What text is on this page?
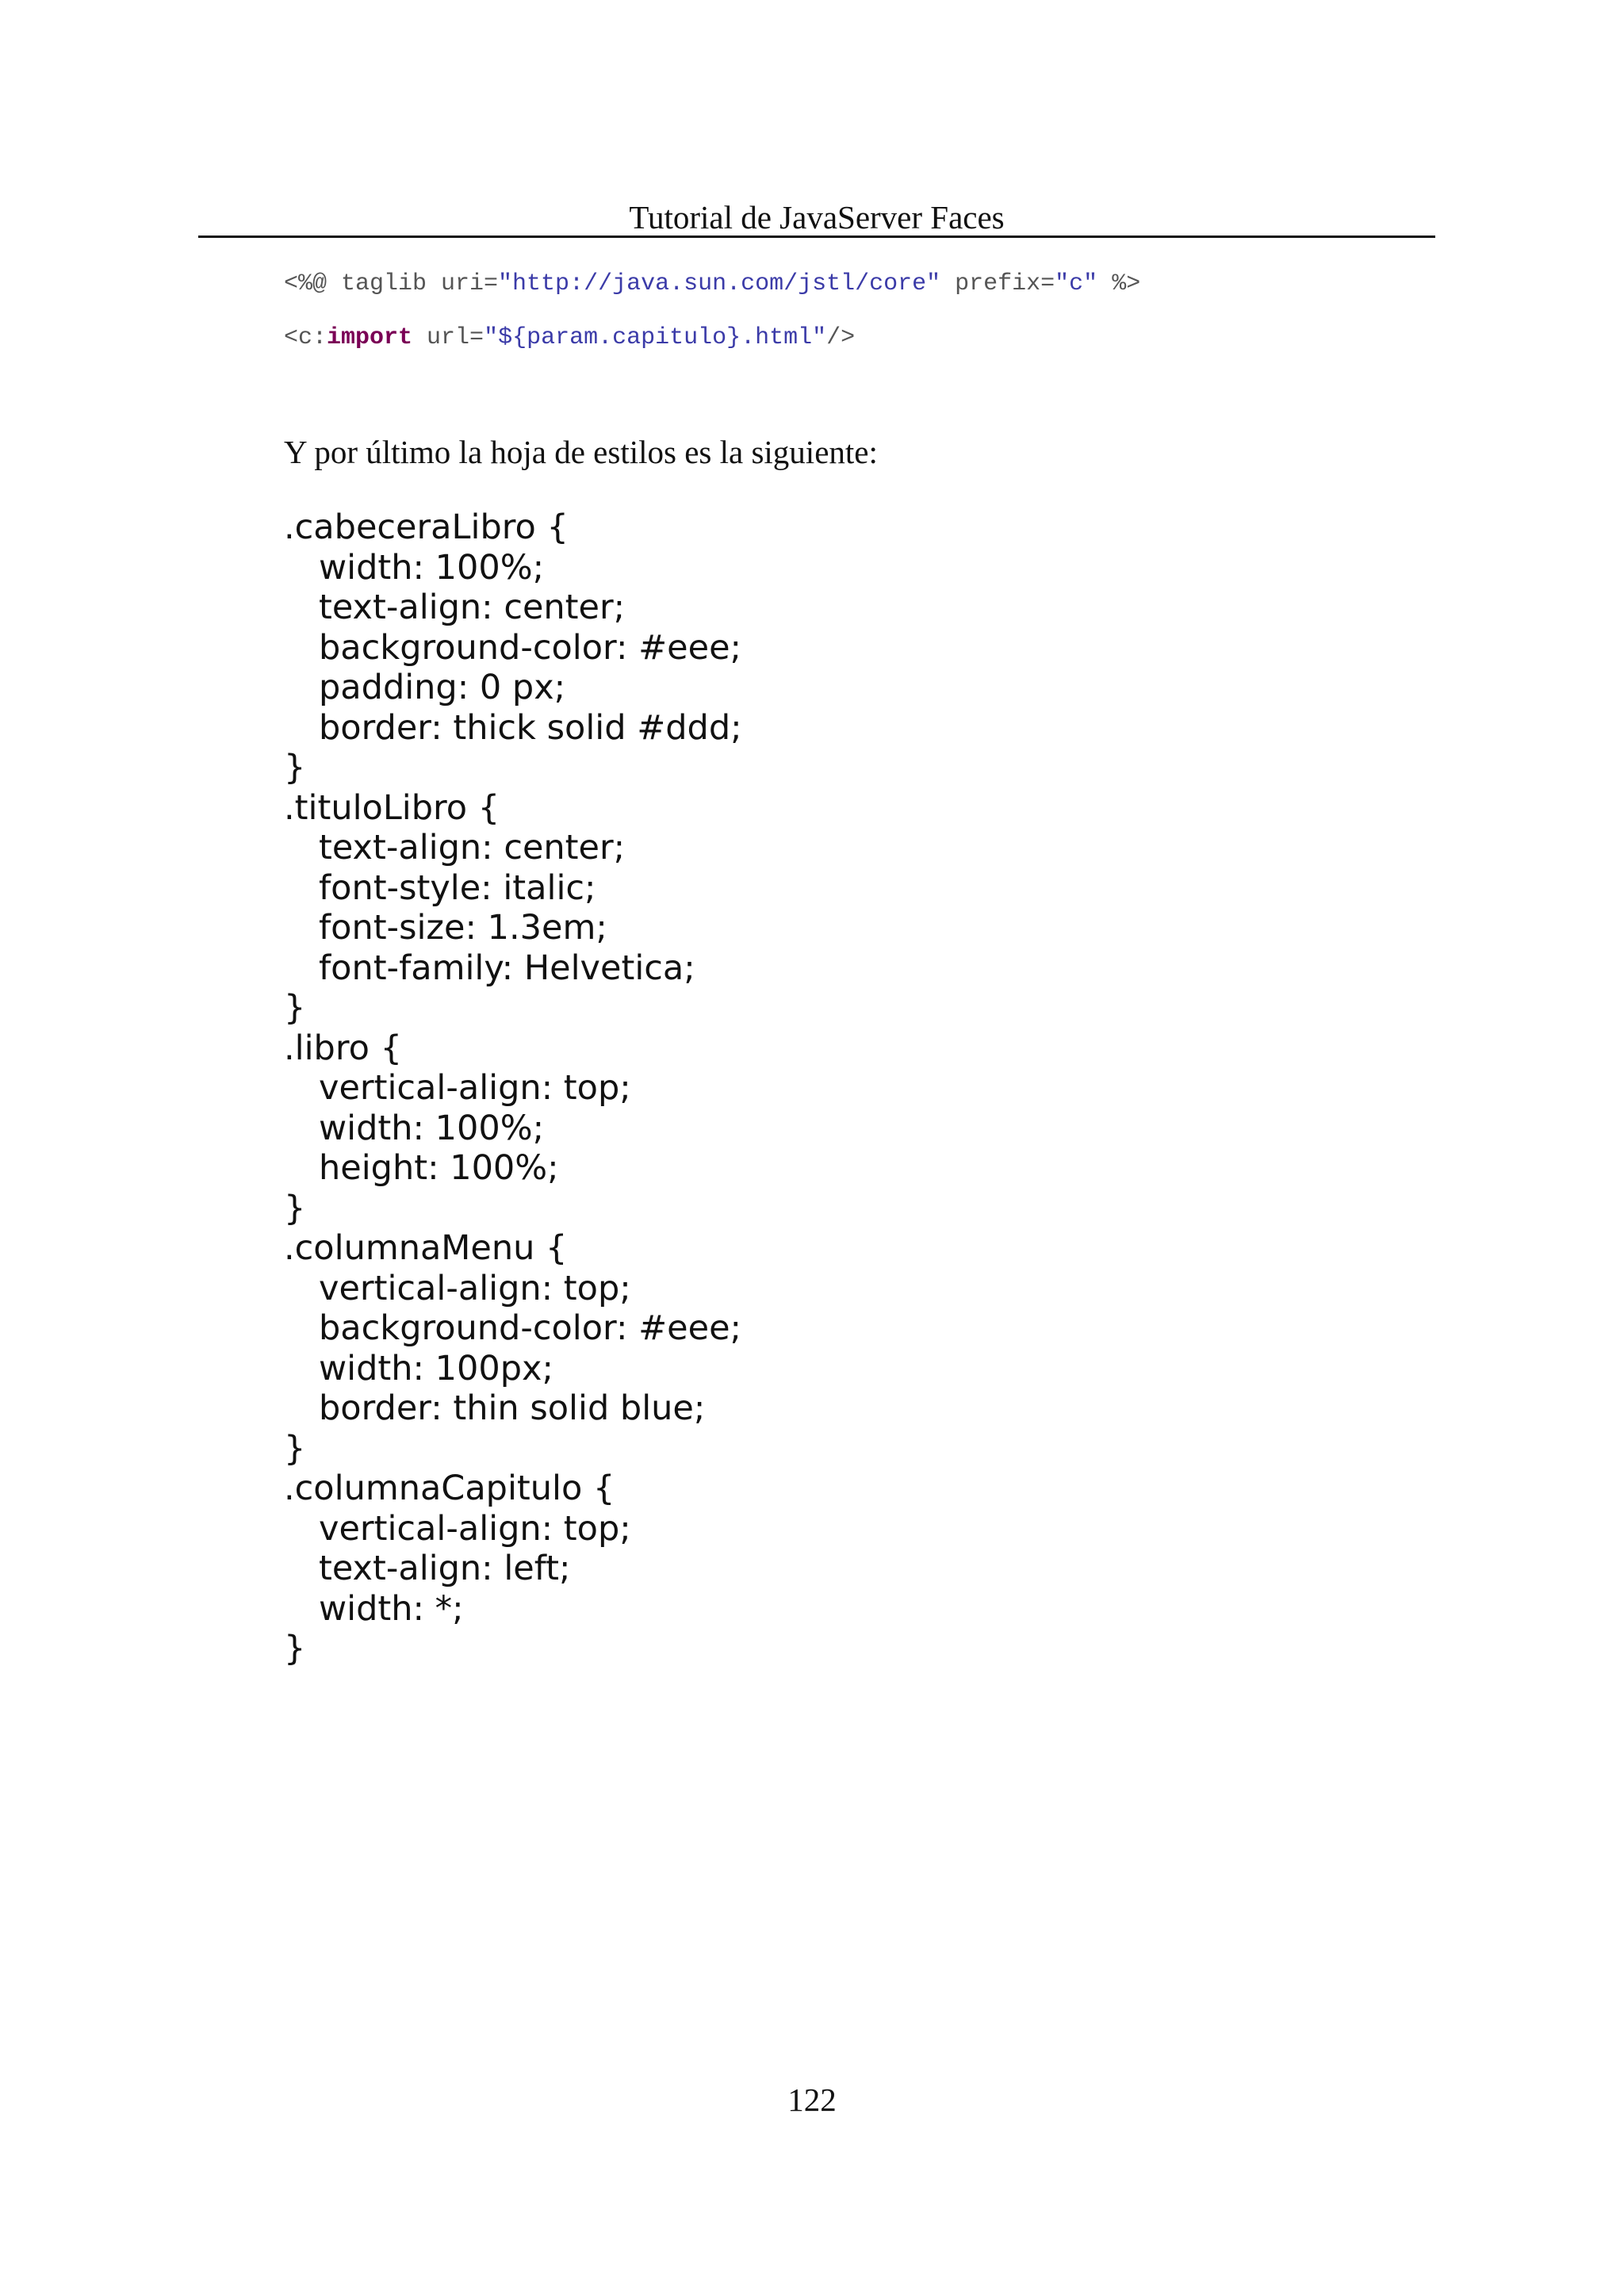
Tutorial de JavaServer Faces
<%@ taglib uri="http://java.sun.com/jstl/core" prefix="c" %>
<c:import url="${param.capitulo}.html"/>
Y por último la hoja de estilos es la siguiente:
.cabeceraLibro {
width: 100%;
text-align: center;
background-color: #eee;
padding: 0 px;
border: thick solid #ddd;
}
.tituloLibro {
text-align: center;
font-style: italic;
font-size: 1.3em;
font-family: Helvetica;
}
.libro {
vertical-align: top;
width: 100%;
height: 100%;
}
.columnaMenu {
vertical-align: top;
background-color: #eee;
width: 100px;
border: thin solid blue;
}
.columnaCapitulo {
vertical-align: top;
text-align: left;
width: *;
}
122
